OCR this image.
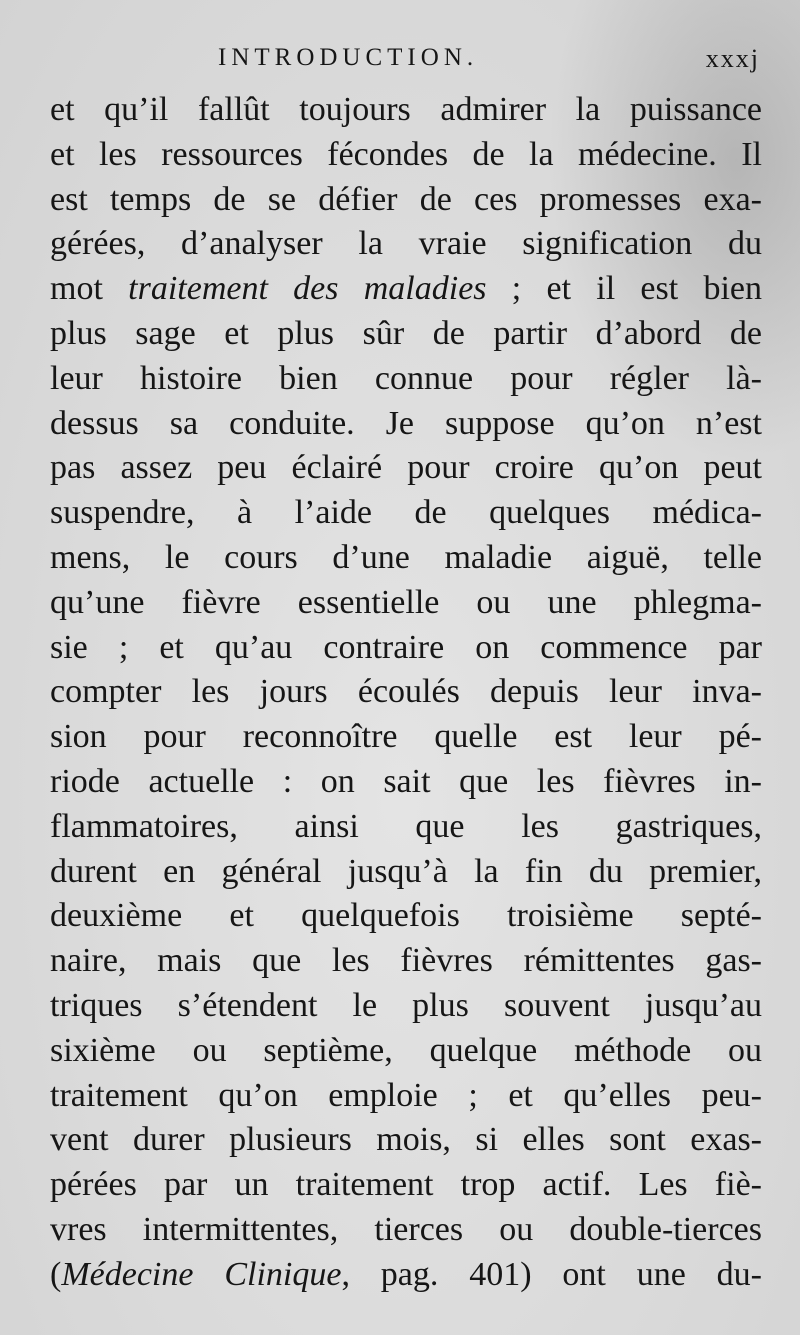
INTRODUCTION.	xxxj
et qu’il fallût toujours admirer la puissance
et les ressources fécondes de la médecine. Il
est temps de se défier de ces promesses exa-
gérées, d’analyser la vraie signification du
mot traitement des maladies ; et il est bien
plus sage et plus sûr de partir d’abord de
leur histoire bien connue pour régler là-
dessus sa conduite. Je suppose qu’on n’est
pas assez peu éclairé pour croire qu’on peut
suspendre, à l’aide de quelques médica-
mens, le cours d’une maladie aiguë, telle
qu’une fièvre essentielle ou une phlegma-
sie ; et qu’au contraire on commence par
compter les jours écoulés depuis leur inva-
sion pour reconnoître quelle est leur pé-
riode actuelle : on sait que les fièvres in-
flammatoires, ainsi que les gastriques,
durent en général jusqu’à la fin du premier,
deuxième et quelquefois troisième septé-
naire, mais que les fièvres rémittentes gas-
triques s’étendent le plus souvent jusqu’au
sixième ou septième, quelque méthode ou
traitement qu’on emploie ; et qu’elles peu-
vent durer plusieurs mois, si elles sont exas-
pérées par un traitement trop actif. Les fiè-
vres intermittentes, tierces ou double-tierces
(Médecine Clinique, pag. 401) ont une du-
